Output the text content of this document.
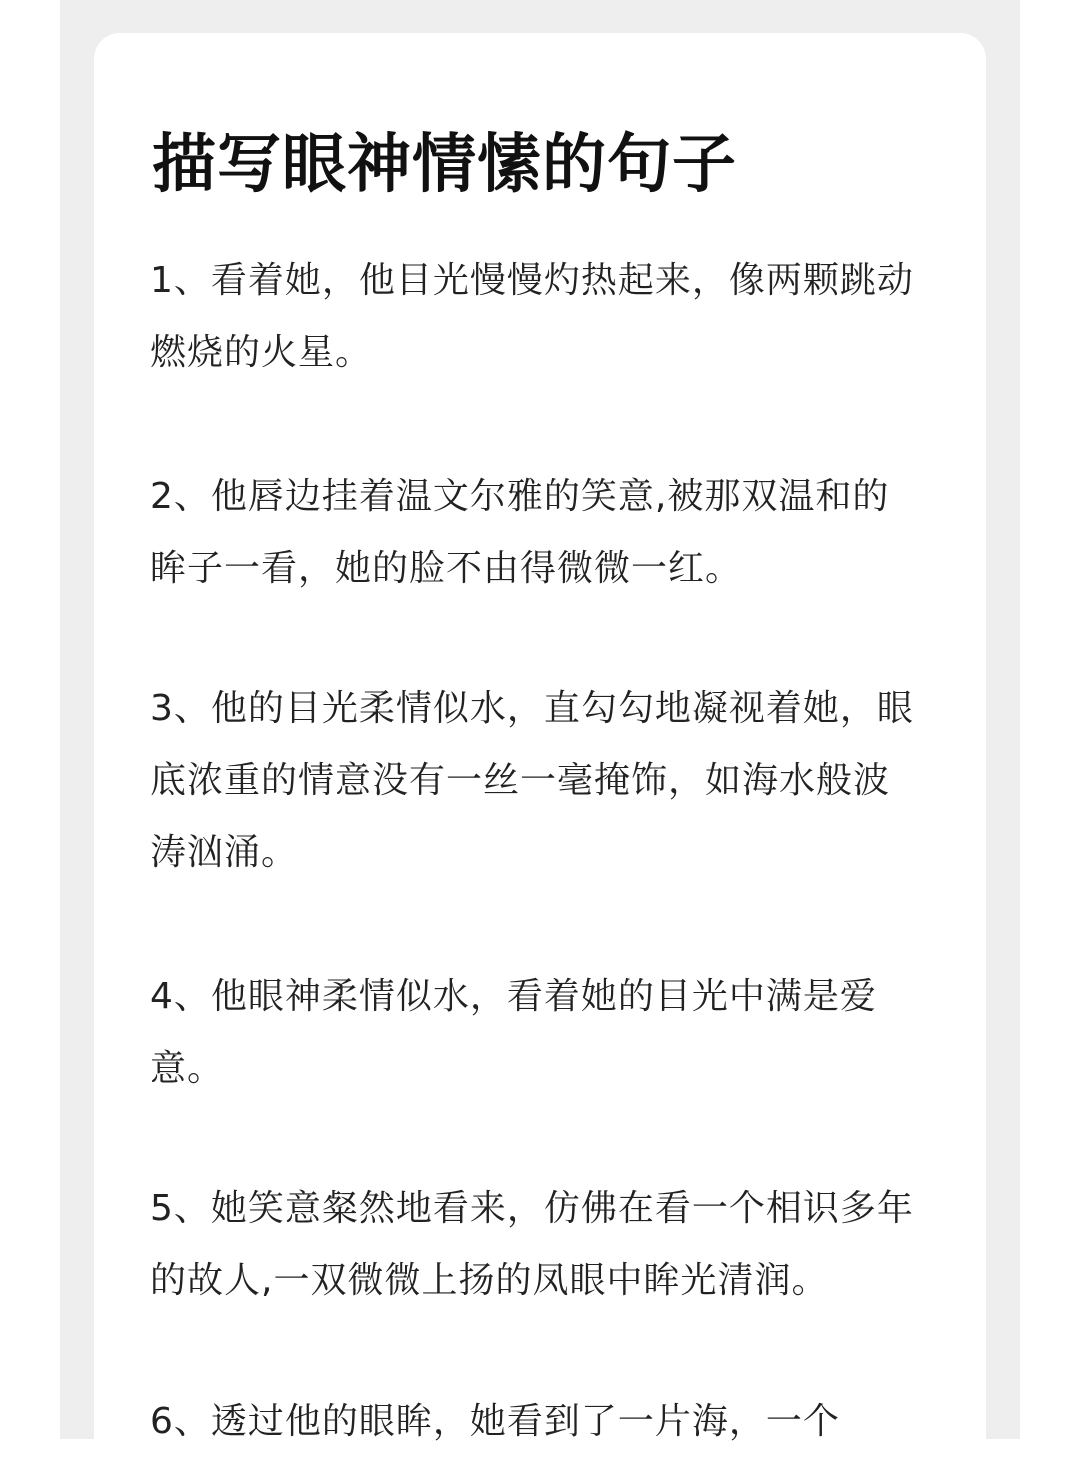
描写眼神情愫的句子

1、看着她，他目光慢慢灼热起来，像两颗跳动燃烧的火星。

2、他唇边挂着温文尔雅的笑意,被那双温和的眸子一看，她的脸不由得微微一红。

3、他的目光柔情似水，直勾勾地凝视着她，眼底浓重的情意没有一丝一毫掩饰，如海水般波涛汹涌。

4、他眼神柔情似水，看着她的目光中满是爱意。

5、她笑意粲然地看来，仿佛在看一个相识多年的故人,一双微微上扬的凤眼中眸光清润。

6、透过他的眼眸，她看到了一片海，一个
